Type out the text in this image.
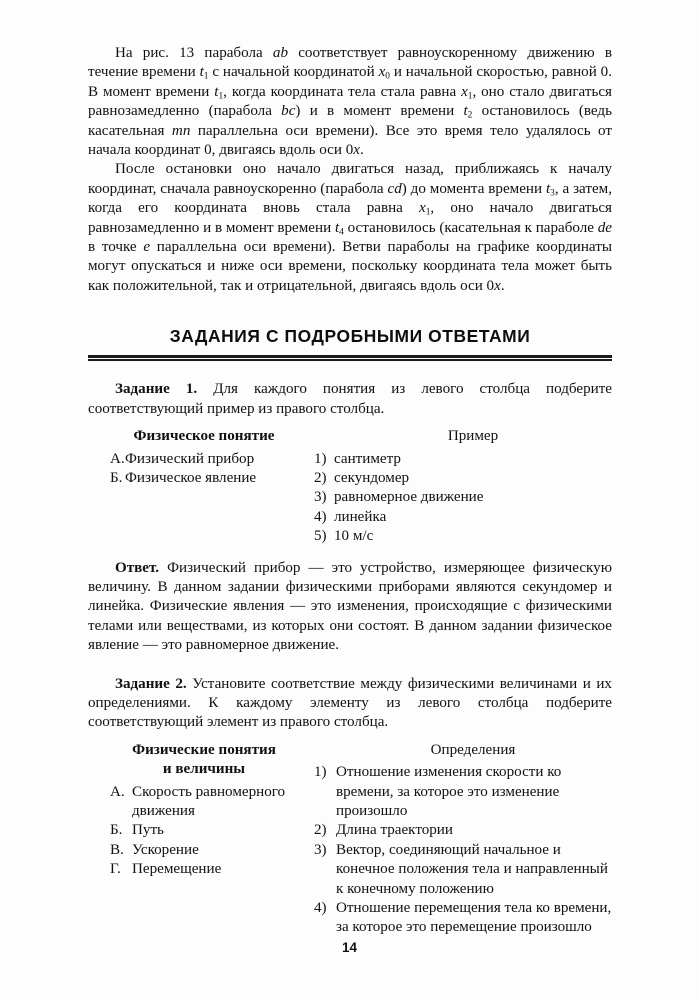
На рис. 13 парабола ab соответствует равноускоренному движению в течение времени $t_1$ с начальной координатой $x_0$ и начальной скоростью, равной 0. В момент времени $t_1$, когда координата тела стала равна $x_1$, оно стало двигаться равнозамедленно (парабола bc) и в момент времени $t_2$ остановилось (ведь касательная mn параллельна оси времени). Все это время тело удалялось от начала координат 0, двигаясь вдоль оси 0x.

После остановки оно начало двигаться назад, приближаясь к началу координат, сначала равноускоренно (парабола cd) до момента времени $t_3$, а затем, когда его координата вновь стала равна $x_1$, оно начало двигаться равнозамедленно и в момент времени $t_4$ остановилось (касательная к параболе de в точке e параллельна оси времени). Ветви параболы на графике координаты могут опускаться и ниже оси времени, поскольку координата тела может быть как положительной, так и отрицательной, двигаясь вдоль оси 0x.

ЗАДАНИЯ С ПОДРОБНЫМИ ОТВЕТАМИ

Задание 1. Для каждого понятия из левого столбца подберите соответствующий пример из правого столбца.

Физическое понятие
А. Физический прибор
Б. Физическое явление
Пример
1) сантиметр
2) секундомер
3) равномерное движение
4) линейка
5) 10 м/с

Ответ. Физический прибор — это устройство, измеряющее физическую величину. В данном задании физическими приборами являются секундомер и линейка. Физические явления — это изменения, происходящие с физическими телами или веществами, из которых они состоят. В данном задании физическое явление — это равномерное движение.

Задание 2. Установите соответствие между физическими величинами и их определениями. К каждому элементу из левого столбца подберите соответствующий элемент из правого столбца.

Физические понятия
и величины
А. Скорость равномерного движения
Б. Путь
В. Ускорение
Г. Перемещение
Определения
1) Отношение изменения скорости ко времени, за которое это изменение произошло
2) Длина траектории
3) Вектор, соединяющий начальное и конечное положения тела и направленный к конечному положению
4) Отношение перемещения тела ко времени, за которое это перемещение произошло
14
